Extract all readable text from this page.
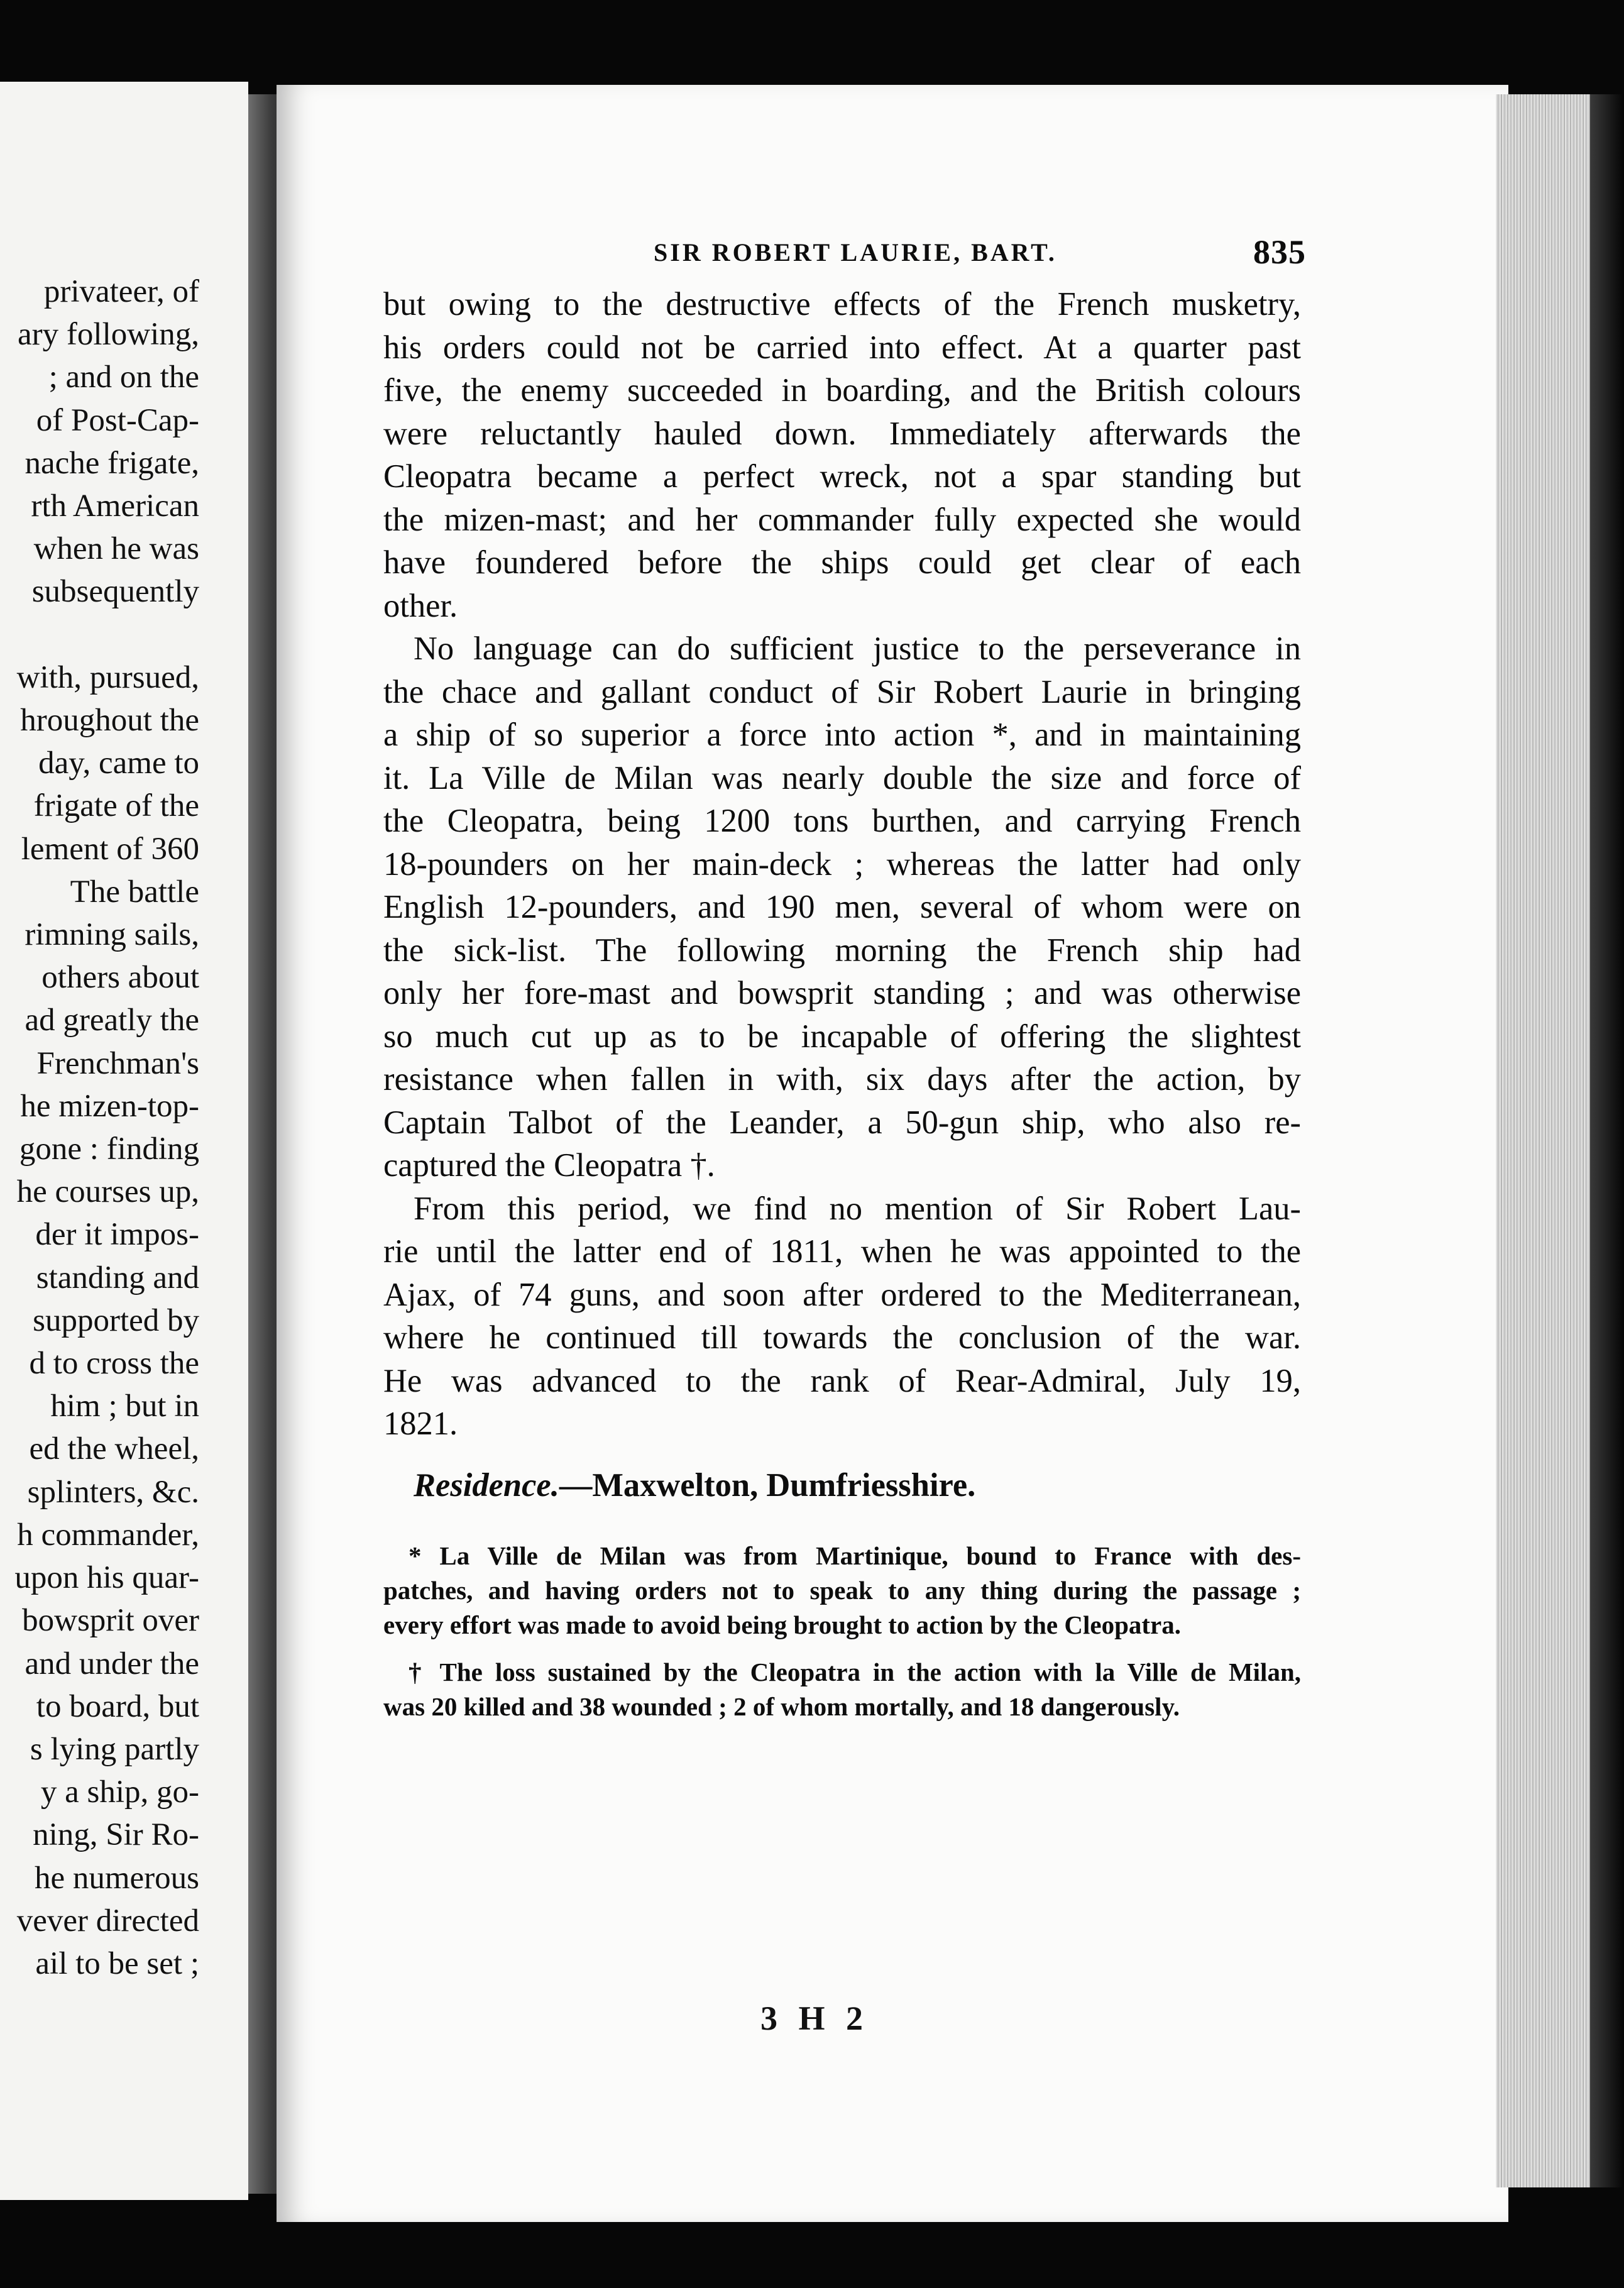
privateer, of
ary following,
; and on the
of Post-Cap-
nache frigate,
rth American
when he was
subsequently

with, pursued,
hroughout the
day, came to
frigate of the
lement of 360
The battle
rimning sails,
others about
ad greatly the
Frenchman's
he mizen-top-
gone : finding
he courses up,
der it impos-
standing and
supported by
d to cross the
him ; but in
ed the wheel,
splinters, &c.
h commander,
upon his quar-
bowsprit over
and under the
to board, but
s lying partly
y a ship, go-
ning, Sir Ro-
he numerous
vever directed
ail to be set ;
SIR ROBERT LAURIE, BART.	835
but owing to the destructive effects of the French musketry,
his orders could not be carried into effect. At a quarter past
five, the enemy succeeded in boarding, and the British colours
were reluctantly hauled down. Immediately afterwards the
Cleopatra became a perfect wreck, not a spar standing but
the mizen-mast; and her commander fully expected she would
have foundered before the ships could get clear of each
other.
No language can do sufficient justice to the perseverance in
the chace and gallant conduct of Sir Robert Laurie in bringing
a ship of so superior a force into action *, and in maintaining
it. La Ville de Milan was nearly double the size and force of
the Cleopatra, being 1200 tons burthen, and carrying French
18-pounders on her main-deck ; whereas the latter had only
English 12-pounders, and 190 men, several of whom were on
the sick-list. The following morning the French ship had
only her fore-mast and bowsprit standing ; and was otherwise
so much cut up as to be incapable of offering the slightest
resistance when fallen in with, six days after the action, by
Captain Talbot of the Leander, a 50-gun ship, who also re-
captured the Cleopatra †.
From this period, we find no mention of Sir Robert Lau-
rie until the latter end of 1811, when he was appointed to the
Ajax, of 74 guns, and soon after ordered to the Mediterranean,
where he continued till towards the conclusion of the war.
He was advanced to the rank of Rear-Admiral, July 19,
1821.
Residence.—Maxwelton, Dumfriesshire.
* La Ville de Milan was from Martinique, bound to France with des-
patches, and having orders not to speak to any thing during the passage ;
every effort was made to avoid being brought to action by the Cleopatra.
† The loss sustained by the Cleopatra in the action with la Ville de Milan,
was 20 killed and 38 wounded ; 2 of whom mortally, and 18 dangerously.
3 H 2
